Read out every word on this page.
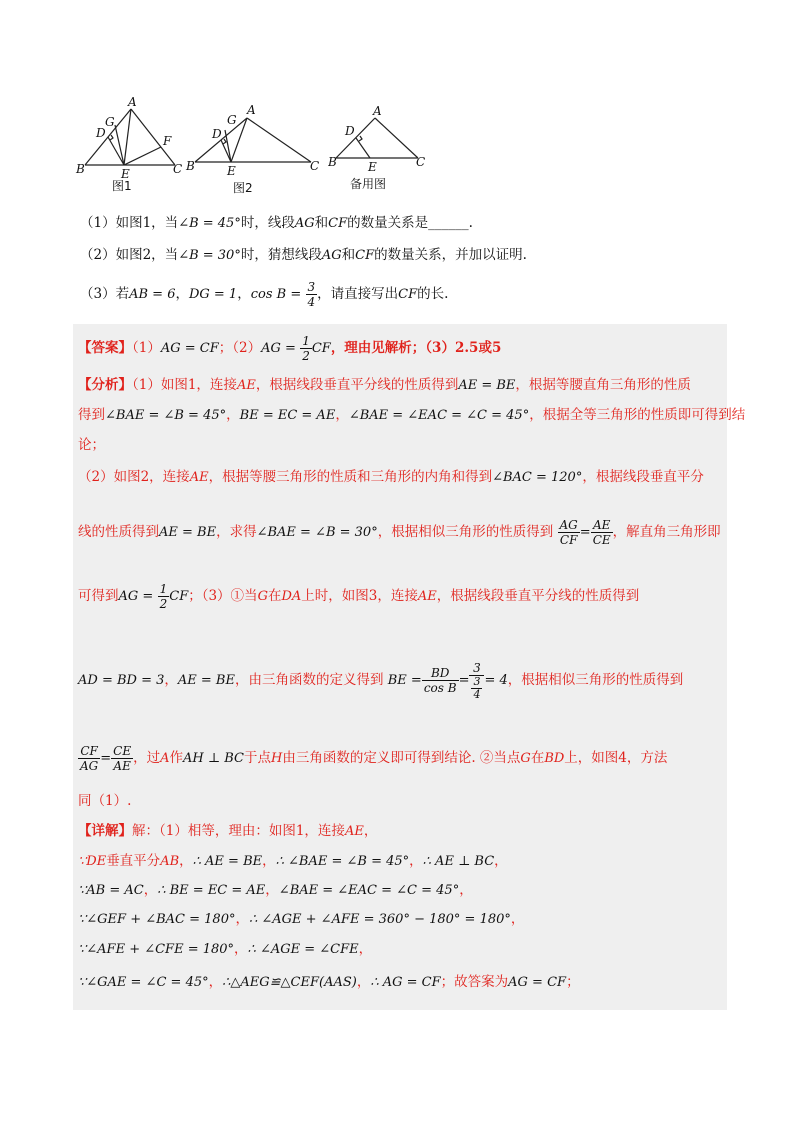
A
D
G
F
B	E	C
图1
A
G
D
B	E	C
图2
A
D
B	E	C
备用图
（1）如图1，当∠B = 45°时，线段AG和CF的数量关系是______.
（2）如图2，当∠B = 30°时，猜想线段AG和CF的数量关系，并加以证明.
（3）若AB = 6，DG = 1，$\cos B = \frac{3}{4}$ ，请直接写出CF的长.
【答案】（1）AG = CF；$(2)AG = \frac{1}{2}$ CF，理由见解析；（3）2.5或5
【分析】（1）如图1，连接AE，根据线段垂直平分线的性质得到AE = BE，根据等腰直角三角形的性质
得到∠BAE = ∠B = 45°，BE = EC = AE，∠BAE = ∠EAC = ∠C = 45°，根据全等三角形的性质即可得到结
论；
（2）如图2，连接AE，根据等腰三角形的性质和三角形的内角和得到∠BAC = 120°，根据线段垂直平分
线的性质得到AE = BE，求得∠BAE = ∠B = 30°，根据相似三角形的性质得到 $\frac{AG}{CF} = \frac{AE}{CE}$ ，解直角三角形即
可得到AG = $\frac{1}{2}$ CF；（3）①当G在DA上时，如图3，连接AE，根据线段垂直平分线的性质得到
AD = BD = 3，AE = BE，由三角函数的定义得到 BE = $\frac{BD}{\text{cos B}} = \frac{3}{\frac{3}{4}} = 4$，根据相似三角形的性质得到
$\frac{CF}{AG} = \frac{CE}{AE}$ ，过A作AH ⊥ BC于点H由三角函数的定义即可得到结论. ②当点G在BD上，如图4，方法
同（1）.
【详解】解：（1）相等，理由：如图1，连接AE，
∵DE垂直平分AB，∴ AE = BE，∴ ∠BAE = ∠B = 45°，∴ AE ⊥ BC，
∵AB = AC，∴ BE = EC = AE，∠BAE = ∠EAC = ∠C = 45°，
∵∠GEF + ∠BAC = 180°，∴ ∠AGE + ∠AFE = 360° − 180° = 180°，
∵∠AFE + ∠CFE = 180°，∴ ∠AGE = ∠CFE，
∵∠GAE = ∠C = 45°，∴△AEG≌△CEF(AAS)，∴ AG = CF；故答案为AG = CF；
